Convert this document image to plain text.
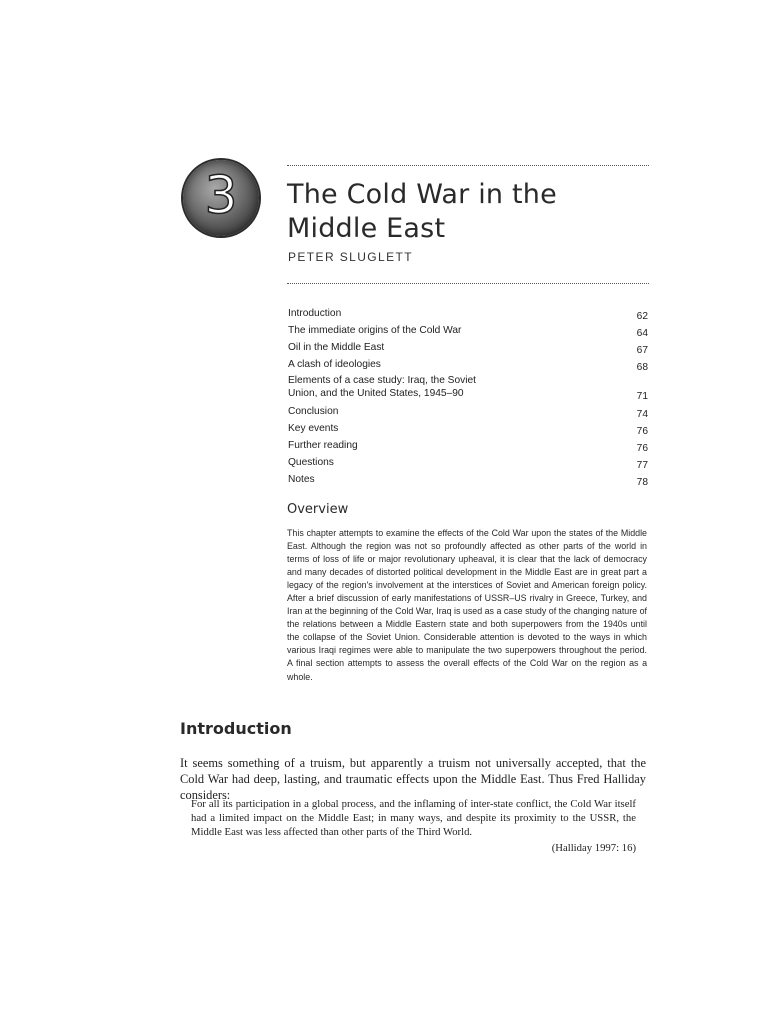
3	The Cold War in the
Middle East
PETER SLUGLETT
Introduction	62
The immediate origins of the Cold War	64
Oil in the Middle East	67
A clash of ideologies	68
Elements of a case study: Iraq, the Soviet Union, and the United States, 1945–90	71
Conclusion	74
Key events	76
Further reading	76
Questions	77
Notes	78
Overview

This chapter attempts to examine the effects of the Cold War upon the states of the Middle East. Although the region was not so profoundly affected as other parts of the world in terms of loss of life or major revolutionary upheaval, it is clear that the lack of democracy and many decades of distorted political development in the Middle East are in great part a legacy of the region's involvement at the interstices of Soviet and American foreign policy. After a brief discussion of early manifestations of USSR–US rivalry in Greece, Turkey, and Iran at the beginning of the Cold War, Iraq is used as a case study of the changing nature of the relations between a Middle Eastern state and both superpowers from the 1940s until the collapse of the Soviet Union. Considerable attention is devoted to the ways in which various Iraqi regimes were able to manipulate the two superpowers throughout the period. A final section attempts to assess the overall effects of the Cold War on the region as a whole.

Introduction

It seems something of a truism, but apparently a truism not universally accepted, that the Cold War had deep, lasting, and traumatic effects upon the Middle East. Thus Fred Halliday considers:

For all its participation in a global process, and the inflaming of inter-state conflict, the Cold War itself had a limited impact on the Middle East; in many ways, and despite its proximity to the USSR, the Middle East was less affected than other parts of the Third World.

(Halliday 1997: 16)
